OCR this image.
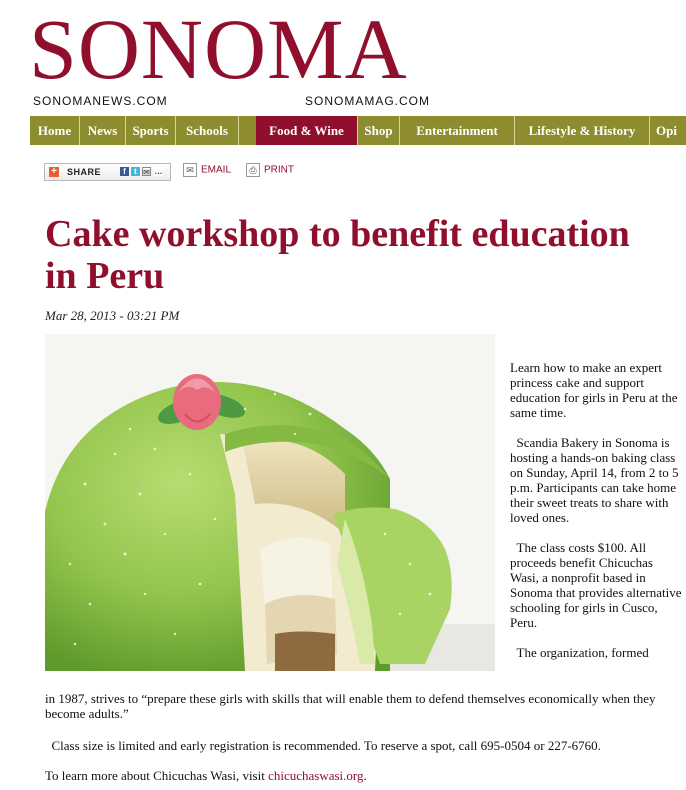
SONOMA
SONOMANEWS.COM	SONOMAMAG.COM
Home	News	Sports	Schools	Food & Wine	Shop	Entertainment	Lifestyle & History	Opi
+ SHARE	f	t ✉ …	✉ EMAIL	⎙ PRINT
Cake workshop to benefit education in Peru
Mar 28, 2013 - 03:21 PM

Learn how to make an expert princess cake and support education for girls in Peru at the same time.

Scandia Bakery in Sonoma is hosting a hands-on baking class on Sunday, April 14, from 2 to 5 p.m. Participants can take home their sweet treats to share with loved ones.

The class costs $100. All proceeds benefit Chicuchas Wasi, a nonprofit based in Sonoma that provides alternative schooling for girls in Cusco, Peru.

The organization, formed

in 1987, strives to “prepare these girls with skills that will enable them to defend themselves economically when they become adults.”

Class size is limited and early registration is recommended. To reserve a spot, call 695-0504 or 227-6760.

To learn more about Chicuchas Wasi, visit chicuchaswasi.org.
